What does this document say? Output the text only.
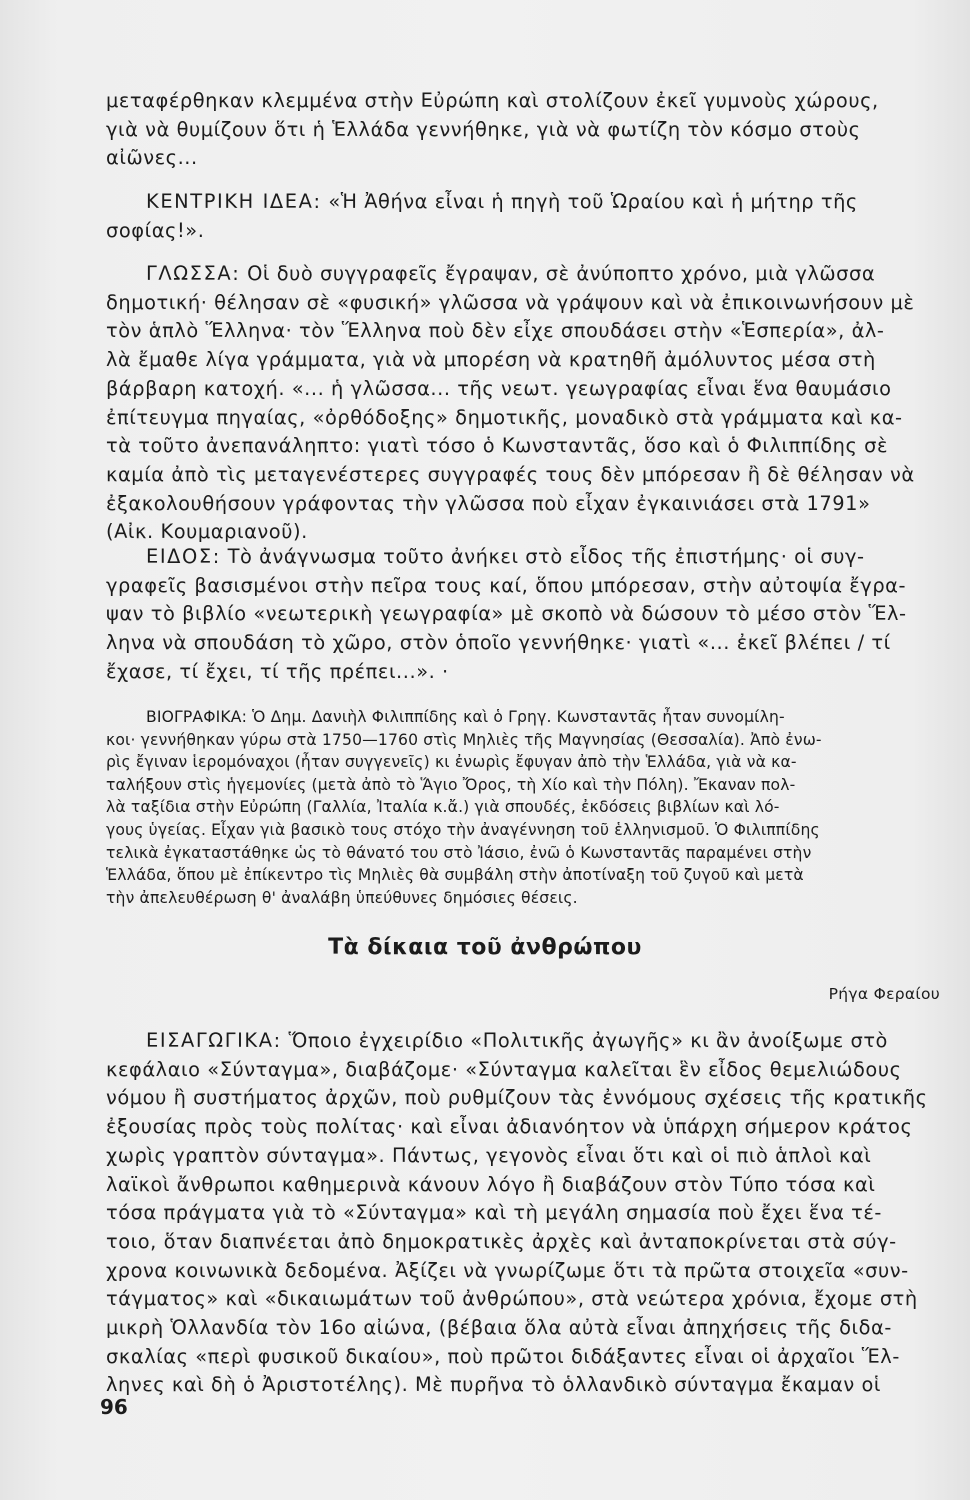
μεταφέρθηκαν κλεμμένα στὴν Εὐρώπη καὶ στολίζουν ἐκεῖ γυμνοὺς χώρους,
γιὰ νὰ θυμίζουν ὅτι ἡ Ἑλλάδα γεννήθηκε, γιὰ νὰ φωτίζη τὸν κόσμο στοὺς
αἰῶνες...

ΚΕΝΤΡΙΚΗ ΙΔΕΑ: «Ἡ Ἀθήνα εἶναι ἡ πηγὴ τοῦ Ὡραίου καὶ ἡ μήτηρ τῆς
σοφίας!».

ΓΛΩΣΣΑ: Οἱ δυὸ συγγραφεῖς ἔγραψαν, σὲ ἀνύποπτο χρόνο, μιὰ γλῶσσα
δημοτική· θέλησαν σὲ «φυσική» γλῶσσα νὰ γράψουν καὶ νὰ ἐπικοινωνήσουν μὲ
τὸν ἁπλὸ Ἕλληνα· τὸν Ἕλληνα ποὺ δὲν εἶχε σπουδάσει στὴν «Ἑσπερία», ἀλ-
λὰ ἔμαθε λίγα γράμματα, γιὰ νὰ μπορέση νὰ κρατηθῆ ἀμόλυντος μέσα στὴ
βάρβαρη κατοχή. «... ἡ γλῶσσα... τῆς νεωτ. γεωγραφίας εἶναι ἕνα θαυμάσιο
ἐπίτευγμα πηγαίας, «ὀρθόδοξης» δημοτικῆς, μοναδικὸ στὰ γράμματα καὶ κα-
τὰ τοῦτο ἀνεπανάληπτο: γιατὶ τόσο ὁ Κωνσταντᾶς, ὅσο καὶ ὁ Φιλιππίδης σὲ
καμία ἀπὸ τὶς μεταγενέστερες συγγραφές τους δὲν μπόρεσαν ἢ δὲ θέλησαν νὰ
ἐξακολουθήσουν γράφοντας τὴν γλῶσσα ποὺ εἶχαν ἐγκαινιάσει στὰ 1791»
(Αἰκ. Κουμαριανοῦ).

ΕΙΔΟΣ: Τὸ ἀνάγνωσμα τοῦτο ἀνήκει στὸ εἶδος τῆς ἐπιστήμης· οἱ συγ-
γραφεῖς βασισμένοι στὴν πεῖρα τους καί, ὅπου μπόρεσαν, στὴν αὐτοψία ἔγρα-
ψαν τὸ βιβλίο «νεωτερικὴ γεωγραφία» μὲ σκοπὸ νὰ δώσουν τὸ μέσο στὸν Ἕλ-
ληνα νὰ σπουδάση τὸ χῶρο, στὸν ὁποῖο γεννήθηκε· γιατὶ «... ἐκεῖ βλέπει / τί
ἔχασε, τί ἔχει, τί τῆς πρέπει...». ·

ΒΙΟΓΡΑΦΙΚΑ: Ὁ Δημ. Δανιὴλ Φιλιππίδης καὶ ὁ Γρηγ. Κωνσταντᾶς ἦταν συνομίλη-
κοι· γεννήθηκαν γύρω στὰ 1750—1760 στὶς Μηλιὲς τῆς Μαγνησίας (Θεσσαλία). Ἀπὸ ἐνω-
ρὶς ἔγιναν ἱερομόναχοι (ἦταν συγγενεῖς) κι ἐνωρὶς ἔφυγαν ἀπὸ τὴν Ἑλλάδα, γιὰ νὰ κα-
ταλήξουν στὶς ἡγεμονίες (μετὰ ἀπὸ τὸ Ἅγιο Ὄρος, τὴ Χίο καὶ τὴν Πόλη). Ἔκαναν πολ-
λὰ ταξίδια στὴν Εὐρώπη (Γαλλία, Ἰταλία κ.ἄ.) γιὰ σπουδές, ἐκδόσεις βιβλίων καὶ λό-
γους ὑγείας. Εἶχαν γιὰ βασικὸ τους στόχο τὴν ἀναγέννηση τοῦ ἑλληνισμοῦ. Ὁ Φιλιππίδης
τελικὰ ἐγκαταστάθηκε ὡς τὸ θάνατό του στὸ Ἰάσιο, ἐνῶ ὁ Κωνσταντᾶς παραμένει στὴν
Ἑλλάδα, ὅπου μὲ ἐπίκεντρο τὶς Μηλιὲς θὰ συμβάλη στὴν ἀποτίναξη τοῦ ζυγοῦ καὶ μετὰ
τὴν ἀπελευθέρωση θ' ἀναλάβη ὑπεύθυνες δημόσιες θέσεις.

Τὰ δίκαια τοῦ ἀνθρώπου
Ρήγα Φεραίου

ΕΙΣΑΓΩΓΙΚΑ: Ὅποιο ἐγχειρίδιο «Πολιτικῆς ἀγωγῆς» κι ἂν ἀνοίξωμε στὸ
κεφάλαιο «Σύνταγμα», διαβάζομε· «Σύνταγμα καλεῖται ἓν εἶδος θεμελιώδους
νόμου ἢ συστήματος ἀρχῶν, ποὺ ρυθμίζουν τὰς ἐννόμους σχέσεις τῆς κρατικῆς
ἐξουσίας πρὸς τοὺς πολίτας· καὶ εἶναι ἀδιανόητον νὰ ὑπάρχη σήμερον κράτος
χωρὶς γραπτὸν σύνταγμα». Πάντως, γεγονὸς εἶναι ὅτι καὶ οἱ πιὸ ἁπλοὶ καὶ
λαϊκοὶ ἄνθρωποι καθημερινὰ κάνουν λόγο ἢ διαβάζουν στὸν Τύπο τόσα καὶ
τόσα πράγματα γιὰ τὸ «Σύνταγμα» καὶ τὴ μεγάλη σημασία ποὺ ἔχει ἕνα τέ-
τοιο, ὅταν διαπνέεται ἀπὸ δημοκρατικὲς ἀρχὲς καὶ ἀνταποκρίνεται στὰ σύγ-
χρονα κοινωνικὰ δεδομένα. Ἀξίζει νὰ γνωρίζωμε ὅτι τὰ πρῶτα στοιχεῖα «συν-
τάγματος» καὶ «δικαιωμάτων τοῦ ἀνθρώπου», στὰ νεώτερα χρόνια, ἔχομε στὴ
μικρὴ Ὁλλανδία τὸν 16ο αἰώνα, (βέβαια ὅλα αὐτὰ εἶναι ἀπηχήσεις τῆς διδα-
σκαλίας «περὶ φυσικοῦ δικαίου», ποὺ πρῶτοι διδάξαντες εἶναι οἱ ἀρχαῖοι Ἕλ-
ληνες καὶ δὴ ὁ Ἀριστοτέλης). Μὲ πυρῆνα τὸ ὁλλανδικὸ σύνταγμα ἔκαμαν οἱ

96
